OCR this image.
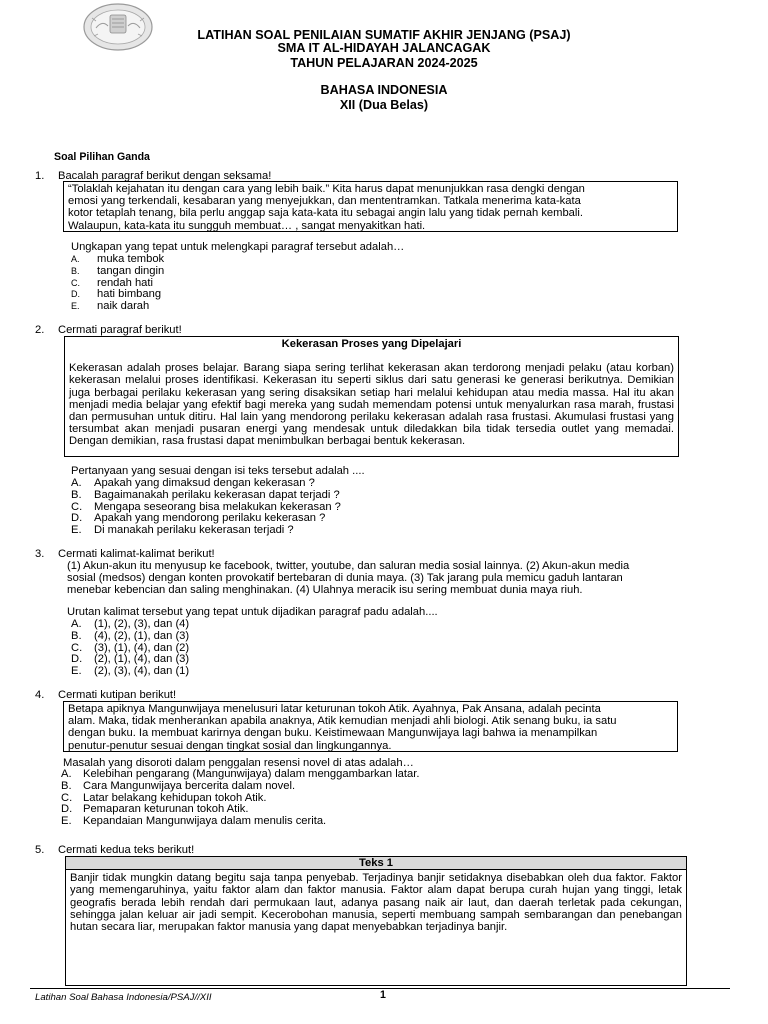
LATIHAN SOAL PENILAIAN SUMATIF AKHIR JENJANG (PSAJ)
SMA IT AL-HIDAYAH JALANCAGAK
TAHUN PELAJARAN 2024-2025
BAHASA INDONESIA
XII (Dua Belas)
Soal Pilihan Ganda
1.	Bacalah paragraf berikut dengan seksama!

“Tolaklah kejahatan itu dengan cara yang lebih baik.” Kita harus dapat menunjukkan rasa dengki dengan

emosi yang terkendali, kesabaran yang menyejukkan, dan mententramkan. Tatkala menerima kata-kata

kotor tetaplah tenang, bila perlu anggap saja kata-kata itu sebagai angin lalu yang tidak pernah kembali.

Walaupun, kata-kata itu sungguh membuat… , sangat menyakitkan hati.

Ungkapan yang tepat untuk melengkapi paragraf tersebut adalah…
A.	muka tembok
B.	tangan dingin
C.	rendah hati
D.	hati bimbang
E.	naik darah
2.	Cermati paragraf berikut!
Kekerasan Proses yang Dipelajari

Kekerasan adalah proses belajar. Barang siapa sering terlihat kekerasan akan terdorong menjadi pelaku (atau korban) kekerasan melalui proses identifikasi. Kekerasan itu seperti siklus dari satu generasi ke generasi berikutnya. Demikian juga berbagai perilaku kekerasan yang sering disaksikan setiap hari melalui kehidupan atau media massa. Hal itu akan menjadi media belajar yang efektif bagi mereka yang sudah memendam potensi untuk menyalurkan rasa marah, frustasi dan permusuhan untuk ditiru. Hal lain yang mendorong perilaku kekerasan adalah rasa frustasi. Akumulasi frustasi yang tersumbat akan menjadi pusaran energi yang mendesak untuk diledakkan bila tidak tersedia outlet yang memadai. Dengan demikian, rasa frustasi dapat menimbulkan berbagai bentuk kekerasan.

Pertanyaan yang sesuai dengan isi teks tersebut adalah ....
A.	Apakah yang dimaksud dengan kekerasan ?
B.	Bagaimanakah perilaku kekerasan dapat terjadi ?
C.	Mengapa seseorang bisa melakukan kekerasan ?
D.	Apakah yang mendorong perilaku kekerasan ?
E.	Di manakah perilaku kekerasan terjadi ?
3.	Cermati kalimat-kalimat berikut!

(1) Akun-akun itu menyusup ke facebook, twitter, youtube, dan saluran media sosial lainnya. (2) Akun-akun media

sosial (medsos) dengan konten provokatif bertebaran di dunia maya. (3) Tak jarang pula memicu gaduh lantaran

menebar kebencian dan saling menghinakan. (4) Ulahnya meracik isu sering membuat dunia maya riuh.

Urutan kalimat tersebut yang tepat untuk dijadikan paragraf padu adalah....
A.	(1), (2), (3), dan (4)
B.	(4), (2), (1), dan (3)
C.	(3), (1), (4), dan (2)
D.	(2), (1), (4), dan (3)
E.	(2), (3), (4), dan (1)
4.	Cermati kutipan berikut!

Betapa apiknya Mangunwijaya menelusuri latar keturunan tokoh Atik. Ayahnya, Pak Ansana, adalah pecinta

alam. Maka, tidak menherankan apabila anaknya, Atik kemudian menjadi ahli biologi. Atik senang buku, ia satu

dengan buku. Ia membuat karirnya dengan buku. Keistimewaan Mangunwijaya lagi bahwa ia menampilkan

penutur-penutur sesuai dengan tingkat sosial dan lingkungannya.

Masalah yang disoroti dalam penggalan resensi novel di atas adalah…
A.	Kelebihan pengarang (Mangunwijaya) dalam menggambarkan latar.
B.	Cara Mangunwijaya bercerita dalam novel.
C. Latar belakang kehidupan tokoh Atik.
D. Pemaparan keturunan tokoh Atik.
E.	Kepandaian Mangunwijaya dalam menulis cerita.
5.	Cermati kedua teks berikut!
Teks 1

Banjir tidak mungkin datang begitu saja tanpa penyebab. Terjadinya banjir setidaknya disebabkan oleh dua faktor. Faktor yang memengaruhinya, yaitu faktor alam dan faktor manusia. Faktor alam dapat berupa curah hujan yang tinggi, letak geografis berada lebih rendah dari permukaan laut, adanya pasang naik air laut, dan daerah terletak pada cekungan, sehingga jalan keluar air jadi sempit. Kecerobohan manusia, seperti membuang sampah sembarangan dan penebangan hutan secara liar, merupakan faktor manusia yang dapat menyebabkan terjadinya banjir.

Latihan Soal Bahasa Indonesia/PSAJ//XII	1
